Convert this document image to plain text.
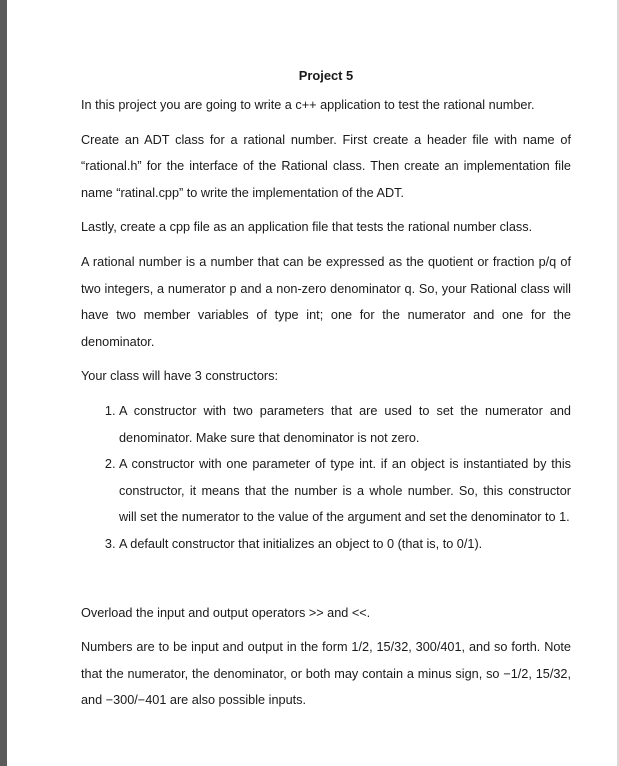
Project 5

In this project you are going to write a c++ application to test the rational number.

Create an ADT class for a rational number. First create a header file with name of “rational.h” for the interface of the Rational class. Then create an implementation file name “ratinal.cpp” to write the implementation of the ADT.

Lastly, create a cpp file as an application file that tests the rational number class.

A rational number is a number that can be expressed as the quotient or fraction p/q of two integers, a numerator p and a non-zero denominator q. So, your Rational class will have two member variables of type int; one for the numerator and one for the denominator.

Your class will have 3 constructors:

1. A constructor with two parameters that are used to set the numerator and denominator. Make sure that denominator is not zero.
2. A constructor with one parameter of type int. if an object is instantiated by this constructor, it means that the number is a whole number. So, this constructor will set the numerator to the value of the argument and set the denominator to 1.
3. A default constructor that initializes an object to 0 (that is, to 0/1).

Overload the input and output operators >> and <<.

Numbers are to be input and output in the form 1/2, 15/32, 300/401, and so forth. Note that the numerator, the denominator, or both may contain a minus sign, so −1/2, 15/32, and −300/−401 are also possible inputs.
